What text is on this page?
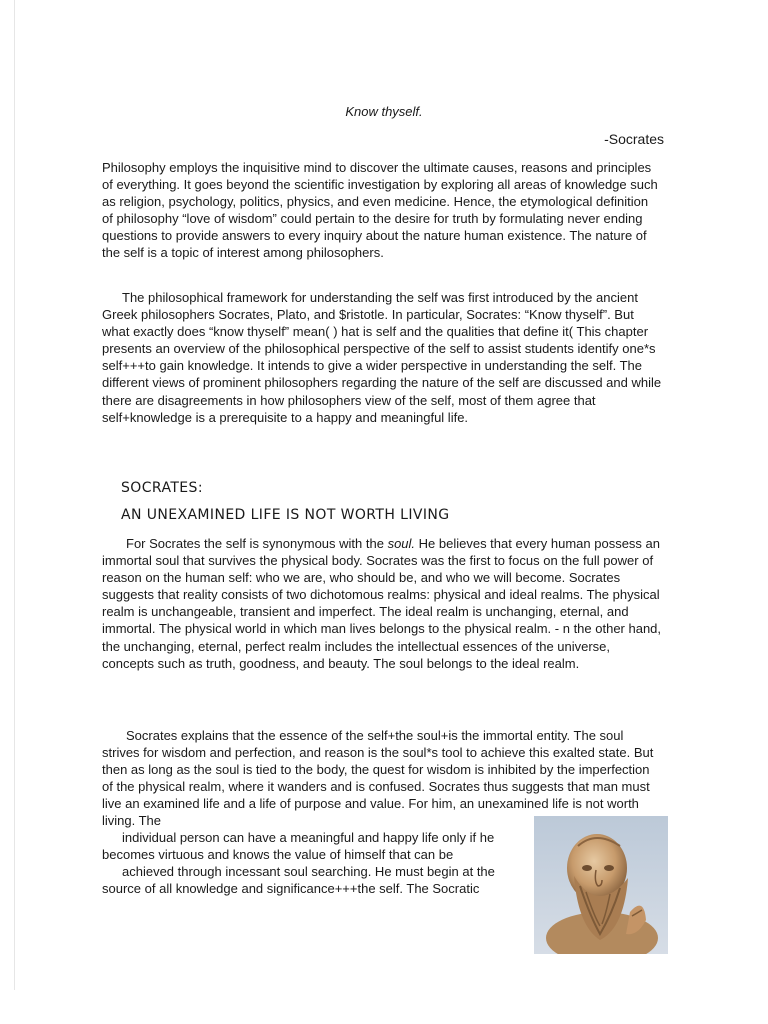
Know thyself.
-Socrates

Philosophy employs the inquisitive mind to discover the ultimate causes, reasons and principles of everything. It goes beyond the scientific investigation by exploring all areas of knowledge such as religion, psychology, politics, physics, and even medicine. Hence, the etymological definition of philosophy “love of wisdom” could pertain to the desire for truth by formulating never ending questions to provide answers to every inquiry about the nature human existence. The nature of the self is a topic of interest among philosophers.

The philosophical framework for understanding the self was first introduced by the ancient Greek philosophers Socrates, Plato, and $ristotle. In particular, Socrates: “Know thyself”. But what exactly does “know thyself” mean( ) hat is self and the qualities that define it( This chapter presents an overview of the philosophical perspective of the self to assist students identify one*s self+++to gain knowledge. It intends to give a wider perspective in understanding the self. The different views of prominent philosophers regarding the nature of the self are discussed and while there are disagreements in how philosophers view of the self, most of them agree that self+knowledge is a prerequisite to a happy and meaningful life.

SOCRATES:
AN UNEXAMINED LIFE IS NOT WORTH LIVING

For Socrates the self is synonymous with the soul. He believes that every human possess an immortal soul that survives the physical body. Socrates was the first to focus on the full power of reason on the human self: who we are, who should be, and who we will become. Socrates suggests that reality consists of two dichotomous realms: physical and ideal realms. The physical realm is unchangeable, transient and imperfect. The ideal realm is unchanging, eternal, and immortal. The physical world in which man lives belongs to the physical realm. - n the other hand, the unchanging, eternal, perfect realm includes the intellectual essences of the universe, concepts such as truth, goodness, and beauty. The soul belongs to the ideal realm.

Socrates explains that the essence of the self+the soul+is the immortal entity. The soul strives for wisdom and perfection, and reason is the soul*s tool to achieve this exalted state. But then as long as the soul is tied to the body, the quest for wisdom is inhibited by the imperfection of the physical realm, where it wanders and is confused. Socrates thus suggests that man must live an examined life and a life of purpose and value. For him, an unexamined life is not worth living. The

individual person can have a meaningful and happy life only if he becomes virtuous and knows the value of himself that can be
achieved through incessant soul searching. He must begin at the source of all knowledge and significance+++the self. The Socratic
